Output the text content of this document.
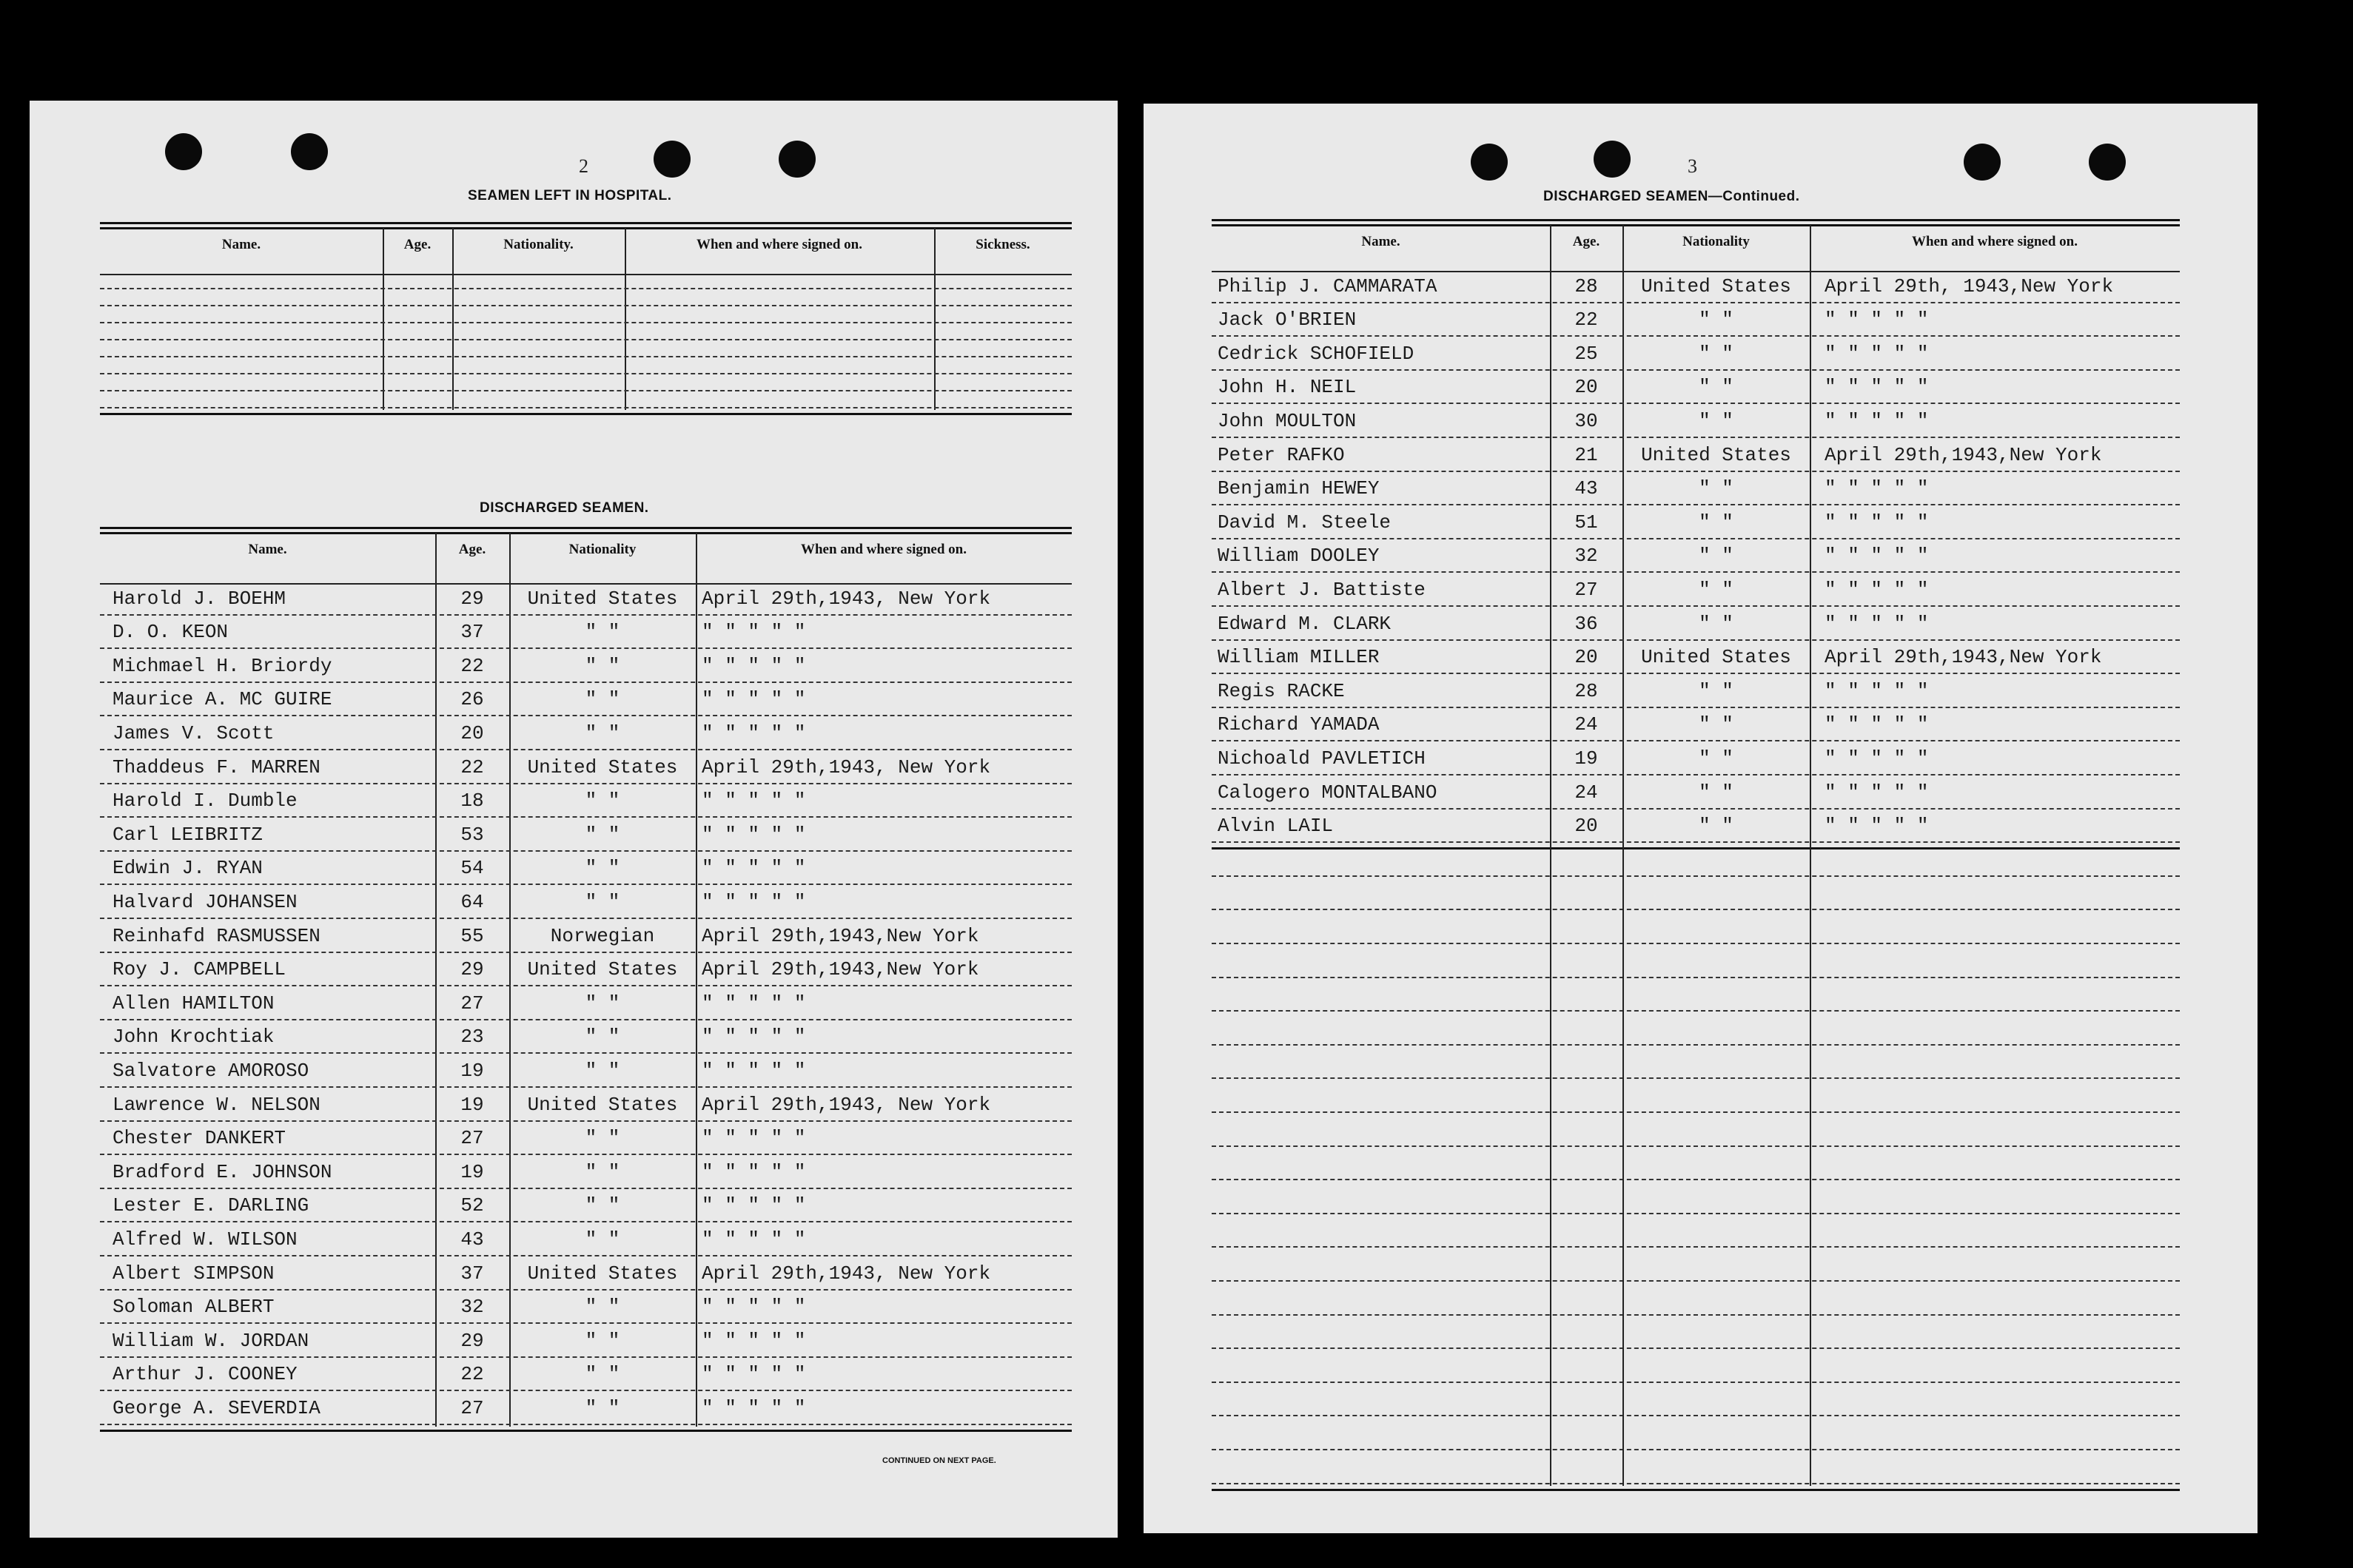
2
SEAMEN LEFT IN HOSPITAL.
Name.	Age.	Nationality.	When and where signed on.	Sickness.
DISCHARGED SEAMEN.
Name.	Age.	Nationality	When and where signed on.
Harold J. BOEHM	29	United States	April 29th,1943, New York
D. O. KEON	37	" "	" " " " "
Michmael H. Briordy	22	" "	" " " " "
Maurice A. MC GUIRE	26	" "	" " " " "
James V. Scott	20	" "	" " " " "
Thaddeus F. MARREN	22	United States	April 29th,1943, New York
Harold I. Dumble	18	" "	" " " " "
Carl LEIBRITZ	53	" "	" " " " "
Edwin J. RYAN	54	" "	" " " " "
Halvard JOHANSEN	64	" "	" " " " "
Reinhafd RASMUSSEN	55	Norwegian	April 29th,1943,New York
Roy J. CAMPBELL	29	United States	April 29th,1943,New York
Allen HAMILTON	27	" "	" " " " "
John Krochtiak	23	" "	" " " " "
Salvatore AMOROSO	19	" "	" " " " "
Lawrence W. NELSON	19	United States	April 29th,1943, New York
Chester DANKERT	27	" "	" " " " "
Bradford E. JOHNSON	19	" "	" " " " "
Lester E. DARLING	52	" "	" " " " "
Alfred W. WILSON	43	" "	" " " " "
Albert SIMPSON	37	United States	April 29th,1943, New York
Soloman ALBERT	32	" "	" " " " "
William W. JORDAN	29	" "	" " " " "
Arthur J. COONEY	22	" "	" " " " "
George A. SEVERDIA	27	" "	" " " " "
CONTINUED ON NEXT PAGE.
3
DISCHARGED SEAMEN—Continued.
Name.	Age.	Nationality	When and where signed on.
Philip J. CAMMARATA	28	United States	April 29th, 1943,New York
Jack O'BRIEN	22	" "	" " " " "
Cedrick SCHOFIELD	25	" "	" " " " "
John H. NEIL	20	" "	" " " " "
John MOULTON	30	" "	" " " " "
Peter RAFKO	21	United States	April 29th,1943,New York
Benjamin HEWEY	43	" "	" " " " "
David M. Steele	51	" "	" " " " "
William DOOLEY	32	" "	" " " " "
Albert J. Battiste	27	" "	" " " " "
Edward M. CLARK	36	" "	" " " " "
William MILLER	20	United States	April 29th,1943,New York
Regis RACKE	28	" "	" " " " "
Richard YAMADA	24	" "	" " " " "
Nichoald PAVLETICH	19	" "	" " " " "
Calogero MONTALBANO	24	" "	" " " " "
Alvin LAIL	20	" "	" " " " "
